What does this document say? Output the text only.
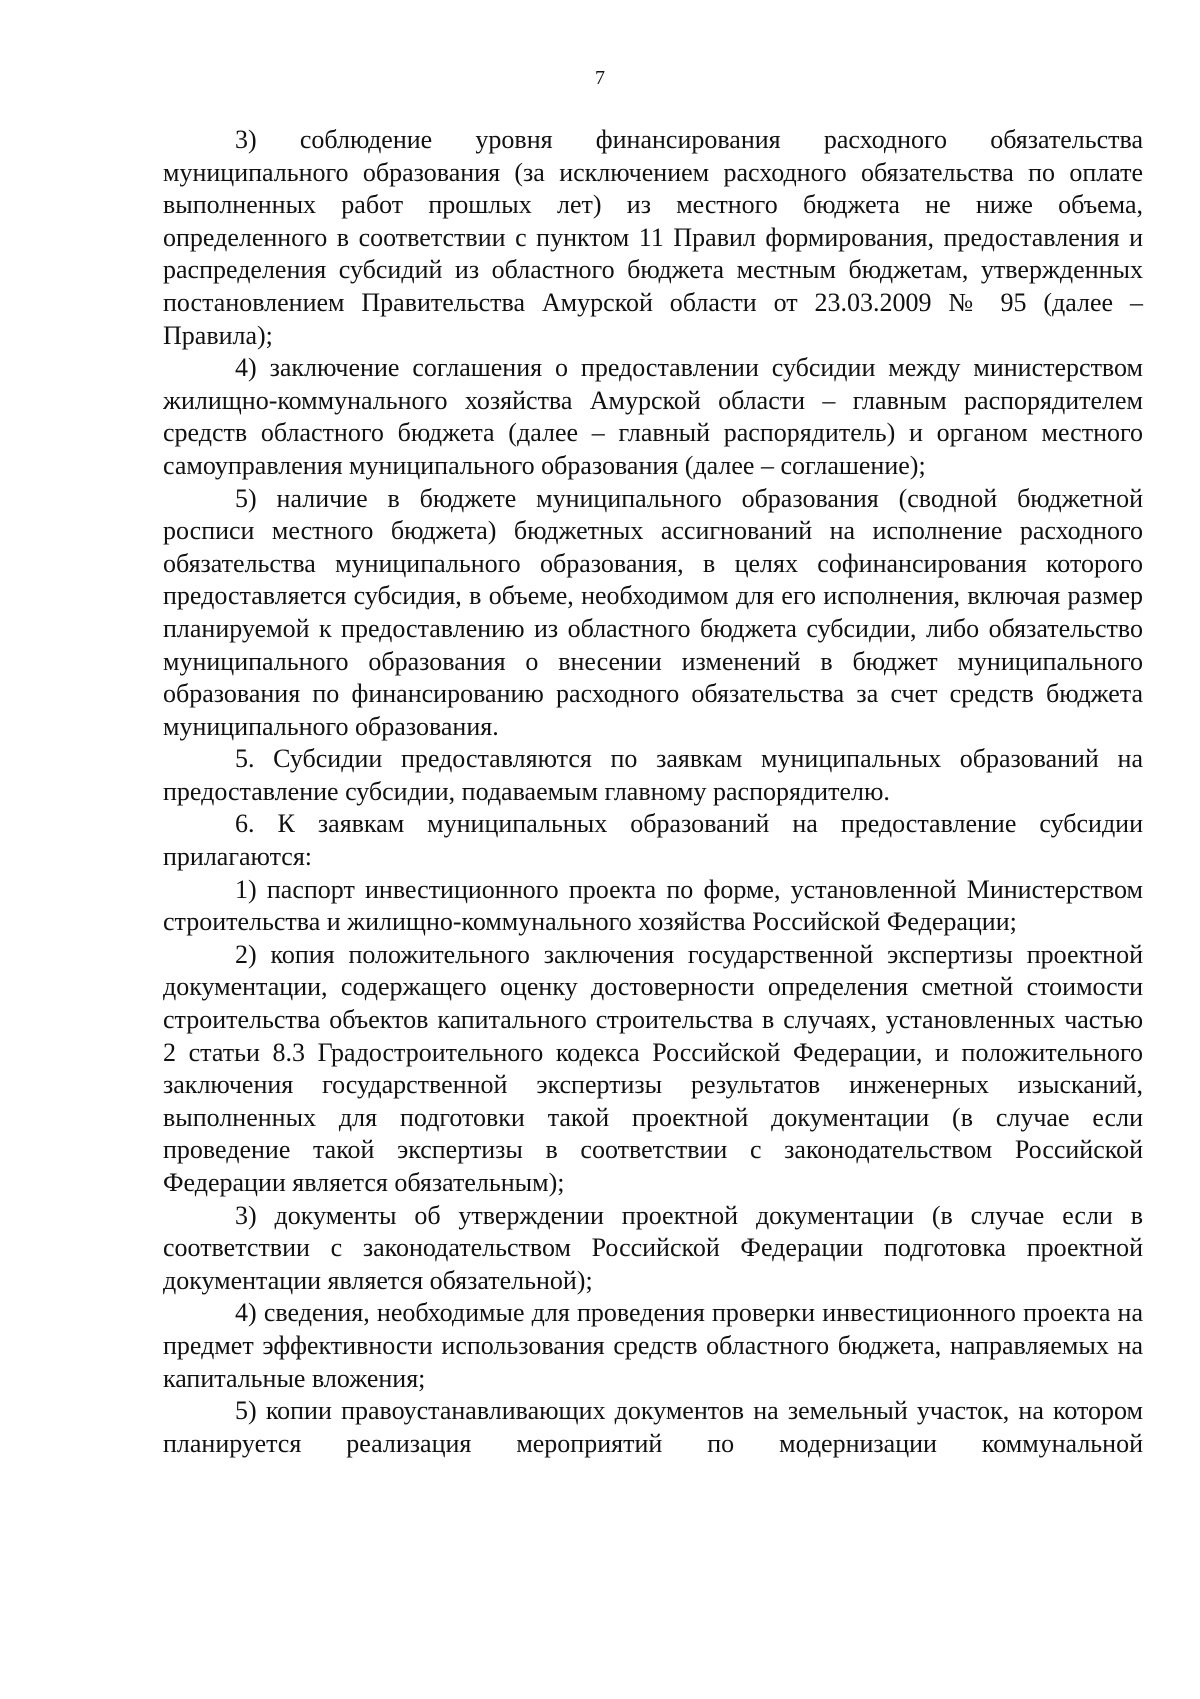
7

3) соблюдение уровня финансирования расходного обязательства муниципального образования (за исключением расходного обязательства по оплате выполненных работ прошлых лет) из местного бюджета не ниже объема, определенного в соответствии с пунктом 11 Правил формирования, предоставления и распределения субсидий из областного бюджета местным бюджетам, утвержденных постановлением Правительства Амурской области от 23.03.2009 № 95 (далее – Правила);

4) заключение соглашения о предоставлении субсидии между министерством жилищно-коммунального хозяйства Амурской области – главным распорядителем средств областного бюджета (далее – главный распорядитель) и органом местного самоуправления муниципального образования (далее – соглашение);

5) наличие в бюджете муниципального образования (сводной бюджетной росписи местного бюджета) бюджетных ассигнований на исполнение расходного обязательства муниципального образования, в целях софинансирования которого предоставляется субсидия, в объеме, необходимом для его исполнения, включая размер планируемой к предоставлению из областного бюджета субсидии, либо обязательство муниципального образования о внесении изменений в бюджет муниципального образования по финансированию расходного обязательства за счет средств бюджета муниципального образования.

5. Субсидии предоставляются по заявкам муниципальных образований на предоставление субсидии, подаваемым главному распорядителю.

6. К заявкам муниципальных образований на предоставление субсидии прилагаются:

1) паспорт инвестиционного проекта по форме, установленной Министерством строительства и жилищно-коммунального хозяйства Российской Федерации;

2) копия положительного заключения государственной экспертизы проектной документации, содержащего оценку достоверности определения сметной стоимости строительства объектов капитального строительства в случаях, установленных частью 2 статьи 8.3 Градостроительного кодекса Российской Федерации, и положительного заключения государственной экспертизы результатов инженерных изысканий, выполненных для подготовки такой проектной документации (в случае если проведение такой экспертизы в соответствии с законодательством Российской Федерации является обязательным);

3) документы об утверждении проектной документации (в случае если в соответствии с законодательством Российской Федерации подготовка проектной документации является обязательной);

4) сведения, необходимые для проведения проверки инвестиционного проекта на предмет эффективности использования средств областного бюджета, направляемых на капитальные вложения;

5) копии правоустанавливающих документов на земельный участок, на котором планируется реализация мероприятий по модернизации коммунальной
